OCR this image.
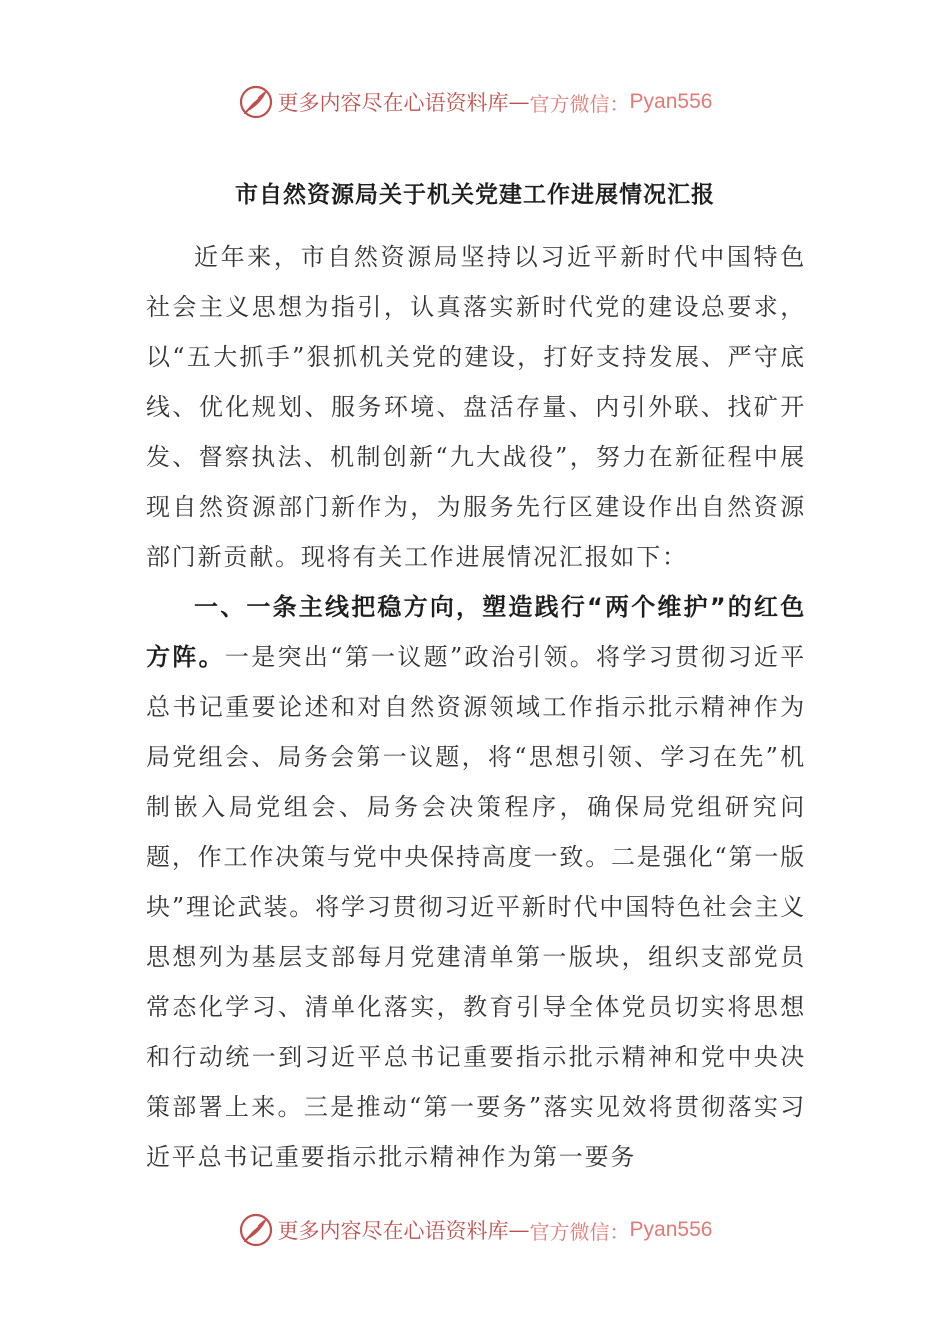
更多内容尽在心语资料库 — 官方微信： Pyan556
市自然资源局关于机关党建工作进展情况汇报

近年来，市自然资源局坚持以习近平新时代中国特色社会主义思想为指引，认真落实新时代党的建设总要求，以“五大抓手”狠抓机关党的建设，打好支持发展、严守底线、优化规划、服务环境、盘活存量、内引外联、找矿开发、督察执法、机制创新“九大战役”，努力在新征程中展现自然资源部门新作为，为服务先行区建设作出自然资源部门新贡献。现将有关工作进展情况汇报如下：

一、一条主线把稳方向，塑造践行“两个维护”的红色方阵。一是突出“第一议题”政治引领。将学习贯彻习近平总书记重要论述和对自然资源领域工作指示批示精神作为局党组会、局务会第一议题，将“思想引领、学习在先”机制嵌入局党组会、局务会决策程序，确保局党组研究问题，作工作决策与党中央保持高度一致。二是强化“第一版块”理论武装。将学习贯彻习近平新时代中国特色社会主义思想列为基层支部每月党建清单第一版块，组织支部党员常态化学习、清单化落实，教育引导全体党员切实将思想和行动统一到习近平总书记重要指示批示精神和党中央决策部署上来。三是推动“第一要务”落实见效将贯彻落实习近平总书记重要指示批示精神作为第一要务

更多内容尽在心语资料库 — 官方微信： Pyan556
